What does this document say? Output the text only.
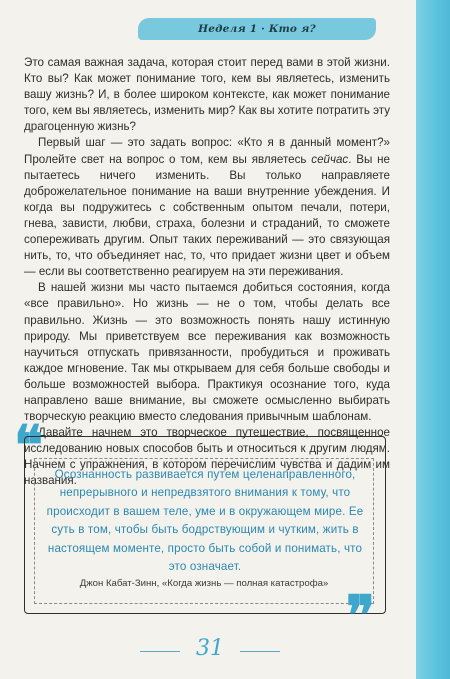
Неделя 1 · Кто я?

Это самая важная задача, которая стоит перед вами в этой жизни. Кто вы? Как может понимание того, кем вы являетесь, изменить вашу жизнь? И, в более широком контексте, как может понимание того, кем вы являетесь, изменить мир? Как вы хотите потратить эту драгоценную жизнь?

Первый шаг — это задать вопрос: «Кто я в данный момент?» Пролейте свет на вопрос о том, кем вы являетесь сейчас. Вы не пытаетесь ничего изменить. Вы только направляете доброжелательное понимание на ваши внутренние убеждения. И когда вы подружитесь с собственным опытом печали, потери, гнева, зависти, любви, страха, болезни и страданий, то сможете сопереживать другим. Опыт таких переживаний — это связующая нить, то, что объединяет нас, то, что придает жизни цвет и объем — если вы соответственно реагируем на эти переживания.

В нашей жизни мы часто пытаемся добиться состояния, когда «все правильно». Но жизнь — не о том, чтобы делать все правильно. Жизнь — это возможность понять нашу истинную природу. Мы приветствуем все переживания как возможность научиться отпускать привязанности, пробудиться и проживать каждое мгновение. Так мы открываем для себя больше свободы и больше возможностей выбора. Практикуя осознание того, куда направлено ваше внимание, вы сможете осмысленно выбирать творческую реакцию вместо следования привычным шаблонам.

Давайте начнем это творческое путешествие, посвященное исследованию новых способов быть и относиться к другим людям. Начнем с упражнения, в котором перечислим чувства и дадим им названия.

❝ Осознанность развивается путем целенаправленного, непрерывного и непредвзятого внимания к тому, что происходит в вашем теле, уме и в окружающем мире. Ее суть в том, чтобы быть бодрствующим и чутким, жить в настоящем моменте, просто быть собой и понимать, что это означает.
Джон Кабат-Зинн, «Когда жизнь — полная катастрофа» ❞
31
